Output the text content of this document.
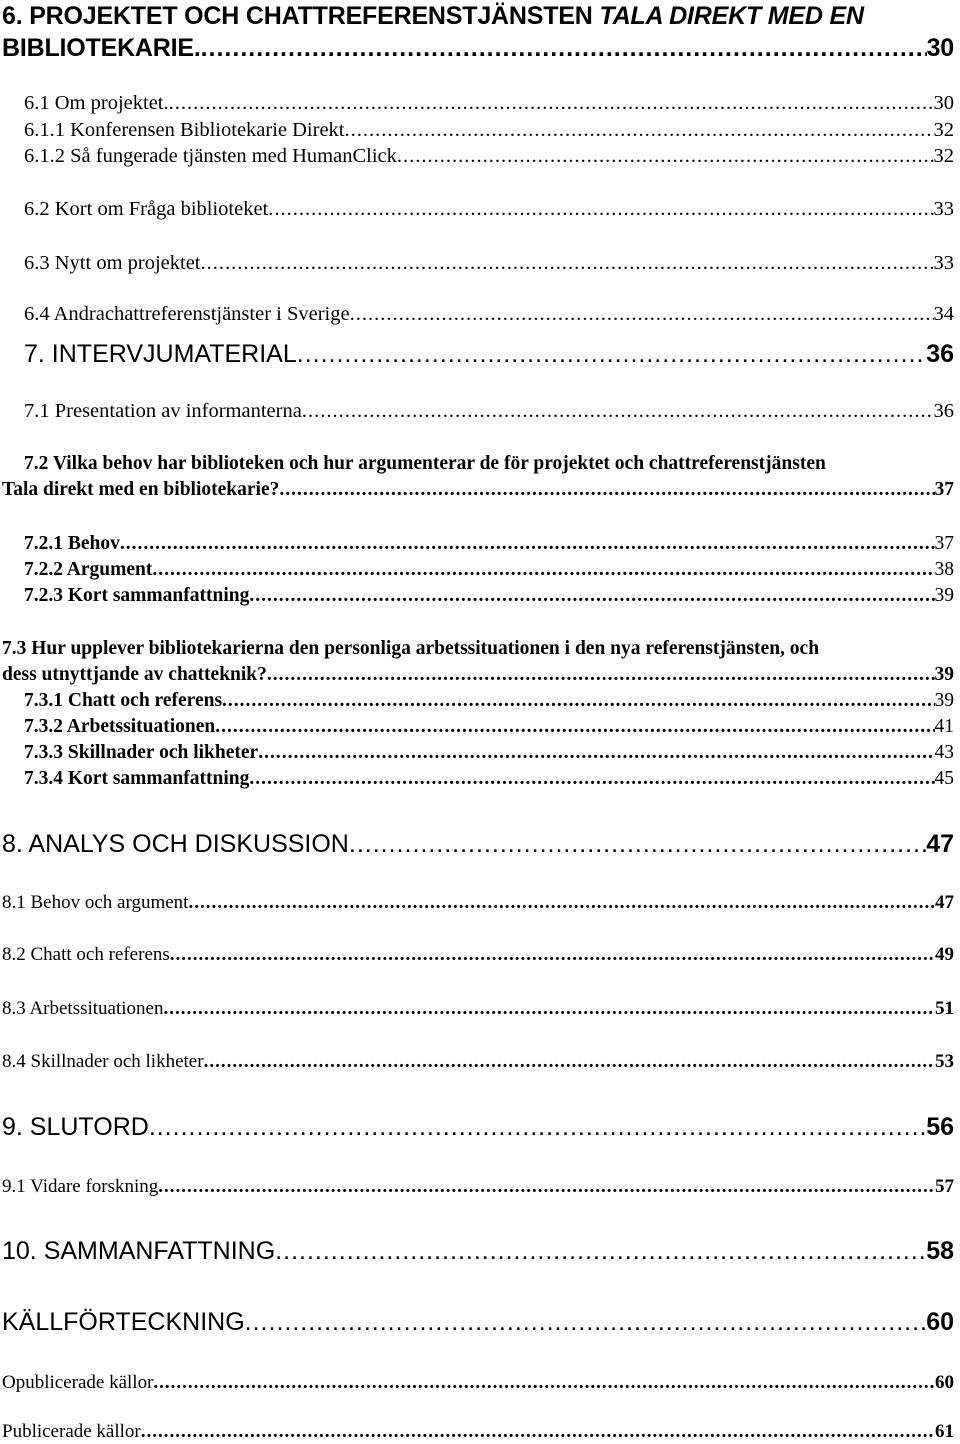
6. PROJEKTET OCH CHATTREFERENSTJÄNSTEN TALA DIREKT MED EN
BIBLIOTEKARIE. .....	30
6.1 Om projektet. .....	30
6.1.1 Konferensen Bibliotekarie Direkt .....	32
6.1.2 Så fungerade tjänsten med HumanClick .....	32
6.2 Kort om Fråga biblioteket .....	33
6.3 Nytt om projektet .....	33
6.4 Andrachattreferenstjänster i Sverige .....	34
7. INTERVJUMATERIAL .....	36
7.1 Presentation av informanterna .....	36
7.2 Vilka behov har biblioteken och hur argumenterar de för projektet och chattreferenstjänsten
Tala direkt med en bibliotekarie? .....	37
7.2.1 Behov .....	37
7.2.2 Argument .....	38
7.2.3 Kort sammanfattning .....	39
7.3 Hur upplever bibliotekarierna den personliga arbetssituationen i den nya referenstjänsten, och
dess utnyttjande av chatteknik? .....	39
7.3.1 Chatt och referens .....	39
7.3.2 Arbetssituationen .....	41
7.3.3 Skillnader och likheter .....	43
7.3.4 Kort sammanfattning .....	45
8. ANALYS OCH DISKUSSION .....	47
8.1 Behov och argument .....	47
8.2 Chatt och referens .....	49
8.3 Arbetssituationen .....	51
8.4 Skillnader och likheter .....	53
9. SLUTORD .....	56
9.1 Vidare forskning .....	57
10. SAMMANFATTNING .....	58
KÄLLFÖRTECKNING .....	60
Opublicerade källor .....	60
Publicerade källor .....	61
